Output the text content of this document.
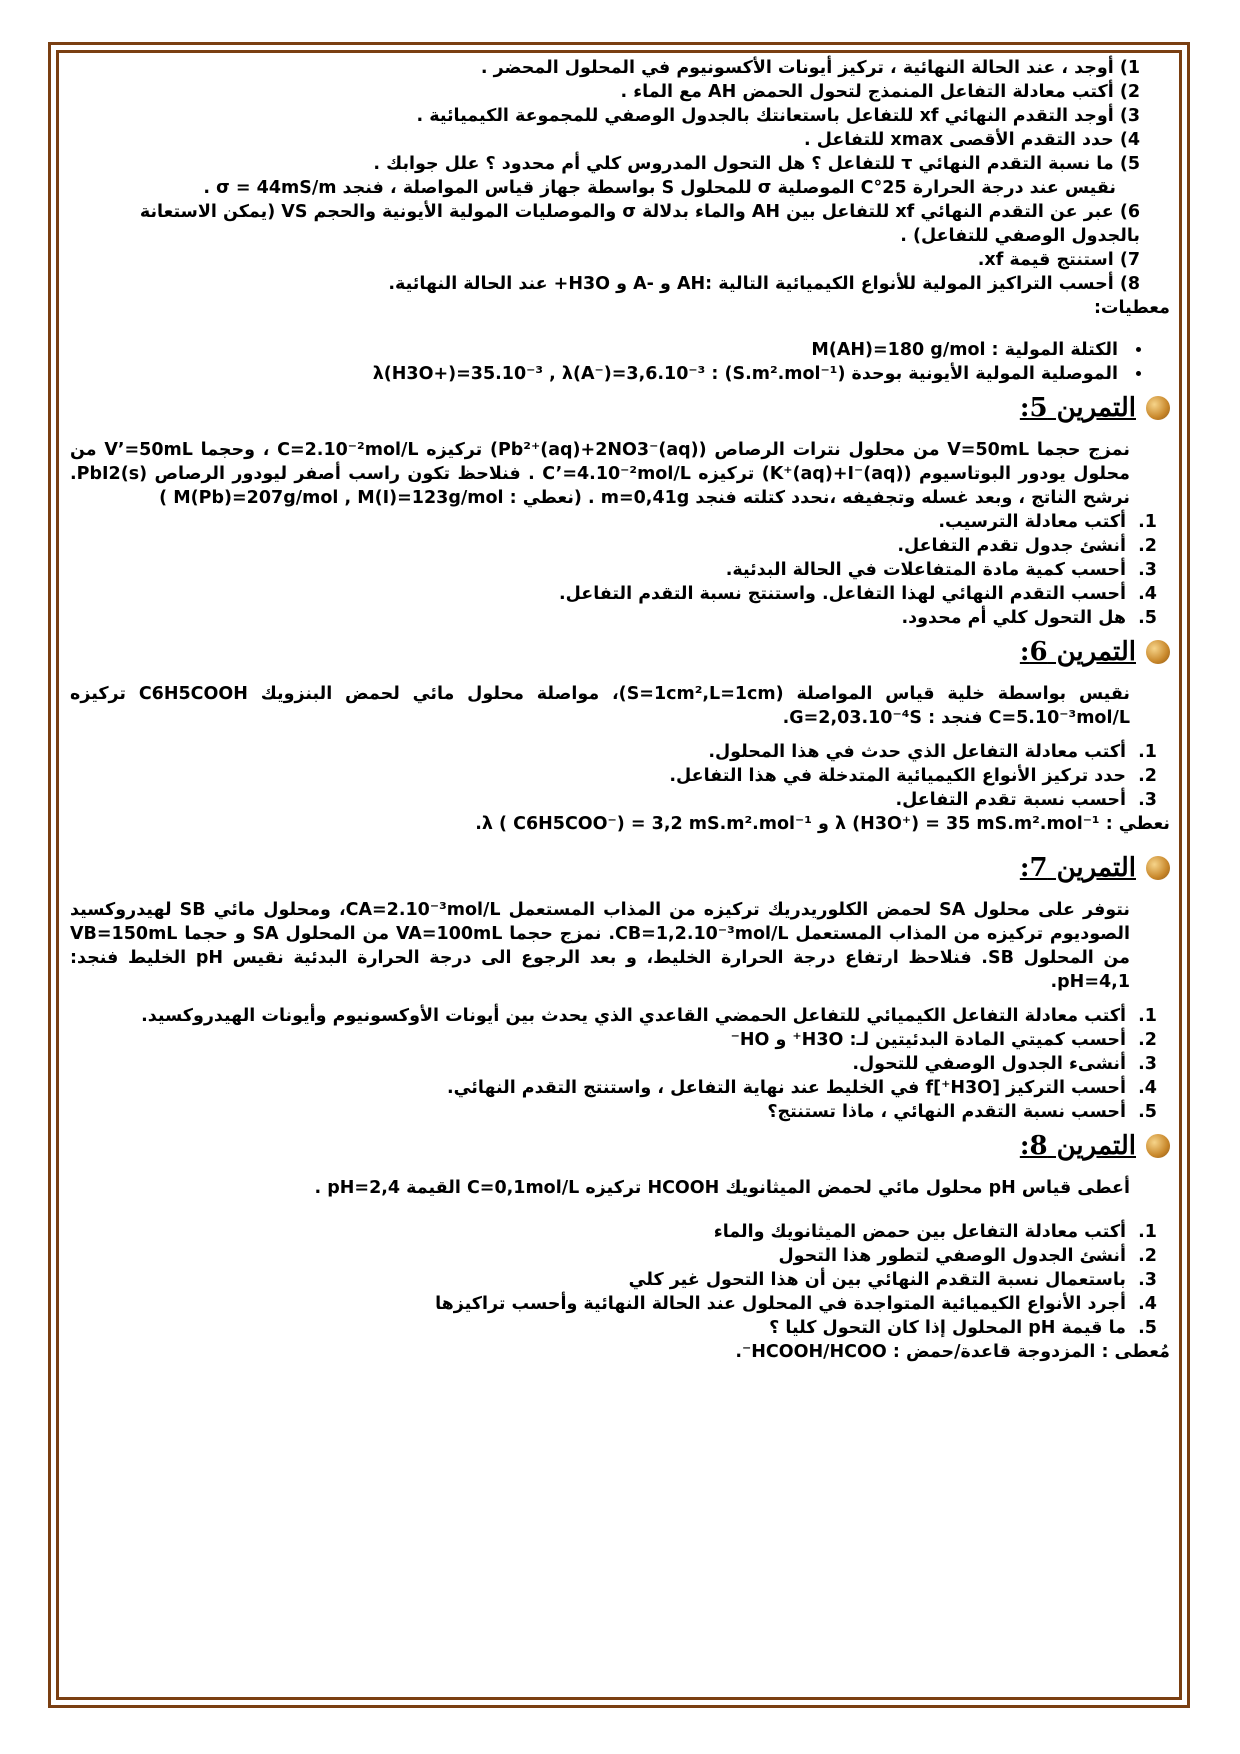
1) أوجد ، عند الحالة النهائية ، تركيز أيونات الأكسونيوم في المحلول المحضر .
2) أكتب معادلة التفاعل المنمذج لتحول الحمض AH مع الماء .
3) أوجد التقدم النهائي xf للتفاعل باستعانتك بالجدول الوصفي للمجموعة الكيميائية .
4) حدد التقدم الأقصى xmax للتفاعل .
5) ما نسبة التقدم النهائي τ للتفاعل ؟ هل التحول المدروس كلي أم محدود ؟ علل جوابك .
نقيس عند درجة الحرارة 25°C الموصلية σ للمحلول S بواسطة جهاز قياس المواصلة ، فنجد σ = 44mS/m .
6) عبر عن التقدم النهائي xf للتفاعل بين AH والماء بدلالة σ والموصليات المولية الأيونية والحجم VS (يمكن الاستعانة بالجدول الوصفي للتفاعل) .
7) استنتج قيمة xf.
8) أحسب التراكيز المولية للأنواع الكيميائية التالية :AH و -A و H3O+ عند الحالة النهائية.

معطيات:

• الكتلة المولية : M(AH)=180 g/mol
• الموصلية المولية الأيونية بوحدة (S.m².mol⁻¹) : λ(H3O+)=35.10⁻³ , λ(A⁻)=3,6.10⁻³
التمرين 5:

نمزج حجما V=50mL من محلول نترات الرصاص (Pb²⁺(aq)+2NO3⁻(aq)) تركيزه C=2.10⁻²mol/L ، وحجما V’=50mL من محلول يودور البوتاسيوم (K⁺(aq)+I⁻(aq)) تركيزه C’=4.10⁻²mol/L . فنلاحظ تكون راسب أصفر ليودور الرصاص PbI2(s). نرشح الناتج ، وبعد غسله وتجفيفه ،نحدد كتلته فنجد m=0,41g . (نعطي : M(Pb)=207g/mol , M(I)=123g/mol )

1. أكتب معادلة الترسيب.
2. أنشئ جدول تقدم التفاعل.
3. أحسب كمية مادة المتفاعلات في الحالة البدئية.
4. أحسب التقدم النهائي لهذا التفاعل. واستنتج نسبة التقدم التفاعل.
5. هل التحول كلي أم محدود.
التمرين 6:

نقيس بواسطة خلية قياس المواصلة (S=1cm²,L=1cm)، مواصلة محلول مائي لحمض البنزويك C6H5COOH تركيزه C=5.10⁻³mol/L فنجد : G=2,03.10⁻⁴S.

1. أكتب معادلة التفاعل الذي حدث في هذا المحلول.
2. حدد تركيز الأنواع الكيميائية المتدخلة في هذا التفاعل.
3. أحسب نسبة تقدم التفاعل.

نعطي : λ (H3O⁺) = 35 mS.m².mol⁻¹ و λ ( C6H5COO⁻) = 3,2 mS.m².mol⁻¹.

التمرين 7:

نتوفر على محلول SA لحمض الكلوريدريك تركيزه من المذاب المستعمل CA=2.10⁻³mol/L، ومحلول مائي SB لهيدروكسيد الصوديوم تركيزه من المذاب المستعمل CB=1,2.10⁻³mol/L. نمزج حجما VA=100mL من المحلول SA و حجما VB=150mL من المحلول SB. فنلاحظ ارتفاع درجة الحرارة الخليط، و بعد الرجوع الى درجة الحرارة البدئية نقيس pH الخليط فنجد: pH=4,1.

1. أكتب معادلة التفاعل الكيميائي للتفاعل الحمضي القاعدي الذي يحدث بين أيونات الأوكسونيوم وأيونات الهيدروكسيد.
2. أحسب كميتي المادة البدئيتين لـ: H3O⁺ و HO⁻
3. أنشىء الجدول الوصفي للتحول.
4. أحسب التركيز [H3O⁺]f في الخليط عند نهاية التفاعل ، واستنتج التقدم النهائي.
5. أحسب نسبة التقدم النهائي ، ماذا تستنتج؟
التمرين 8:

أعطى قياس pH محلول مائي لحمض الميثانويك HCOOH تركيزه C=0,1mol/L القيمة pH=2,4 .

1. أكتب معادلة التفاعل بين حمض الميثانويك والماء
2. أنشئ الجدول الوصفي لتطور هذا التحول
3. باستعمال نسبة التقدم النهائي بين أن هذا التحول غير كلي
4. أجرد الأنواع الكيميائية المتواجدة في المحلول عند الحالة النهائية وأحسب تراكيزها
5. ما قيمة pH المحلول إذا كان التحول كليا ؟

مُعطى : المزدوجة قاعدة/حمض : HCOOH/HCOO⁻.
